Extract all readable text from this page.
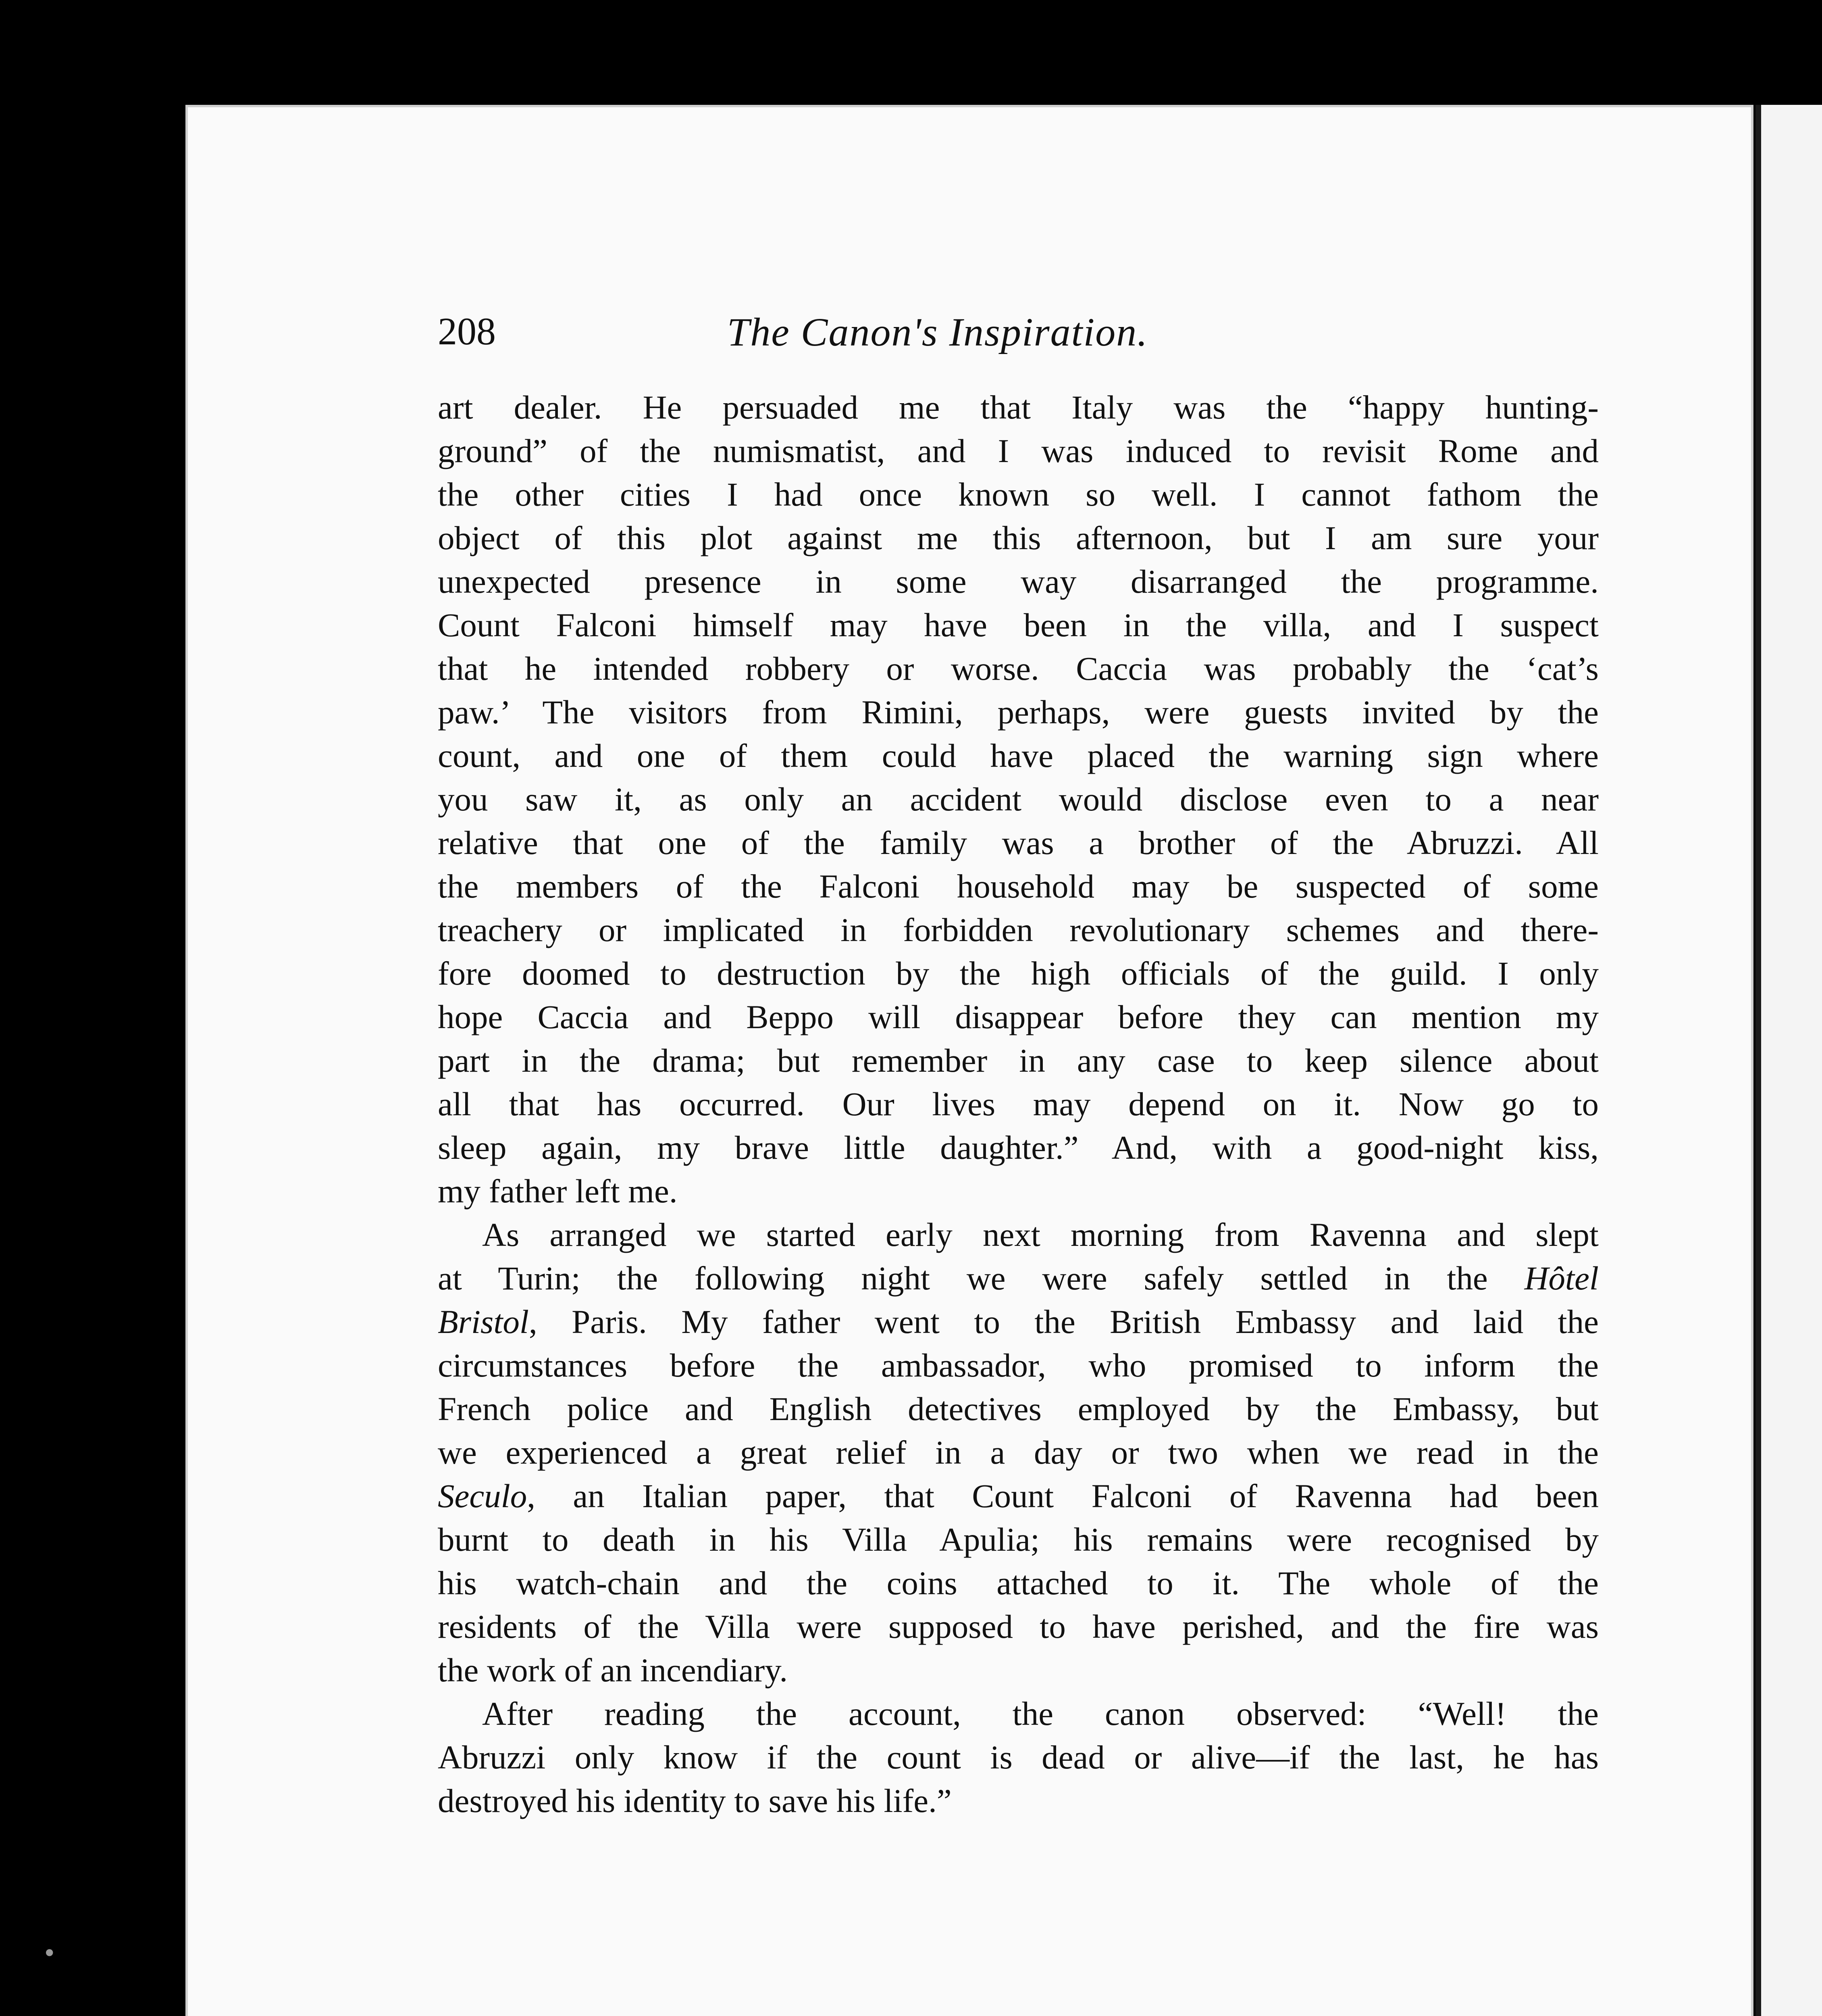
208	The Canon's Inspiration.
art dealer. He persuaded me that Italy was the “happy hunting-
ground” of the numismatist, and I was induced to revisit Rome and
the other cities I had once known so well. I cannot fathom the
object of this plot against me this afternoon, but I am sure your
unexpected presence in some way disarranged the programme.
Count Falconi himself may have been in the villa, and I suspect
that he intended robbery or worse. Caccia was probably the ‘cat’s
paw.’ The visitors from Rimini, perhaps, were guests invited by the
count, and one of them could have placed the warning sign where
you saw it, as only an accident would disclose even to a near
relative that one of the family was a brother of the Abruzzi. All
the members of the Falconi household may be suspected of some
treachery or implicated in forbidden revolutionary schemes and there-
fore doomed to destruction by the high officials of the guild. I only
hope Caccia and Beppo will disappear before they can mention my
part in the drama; but remember in any case to keep silence about
all that has occurred. Our lives may depend on it. Now go to
sleep again, my brave little daughter.” And, with a good-night kiss,
my father left me.
As arranged we started early next morning from Ravenna and slept
at Turin; the following night we were safely settled in the Hôtel
Bristol, Paris. My father went to the British Embassy and laid the
circumstances before the ambassador, who promised to inform the
French police and English detectives employed by the Embassy, but
we experienced a great relief in a day or two when we read in the
Seculo, an Italian paper, that Count Falconi of Ravenna had been
burnt to death in his Villa Apulia; his remains were recognised by
his watch-chain and the coins attached to it. The whole of the
residents of the Villa were supposed to have perished, and the fire was
the work of an incendiary.
After reading the account, the canon observed: “Well! the
Abruzzi only know if the count is dead or alive—if the last, he has
destroyed his identity to save his life.”
•
